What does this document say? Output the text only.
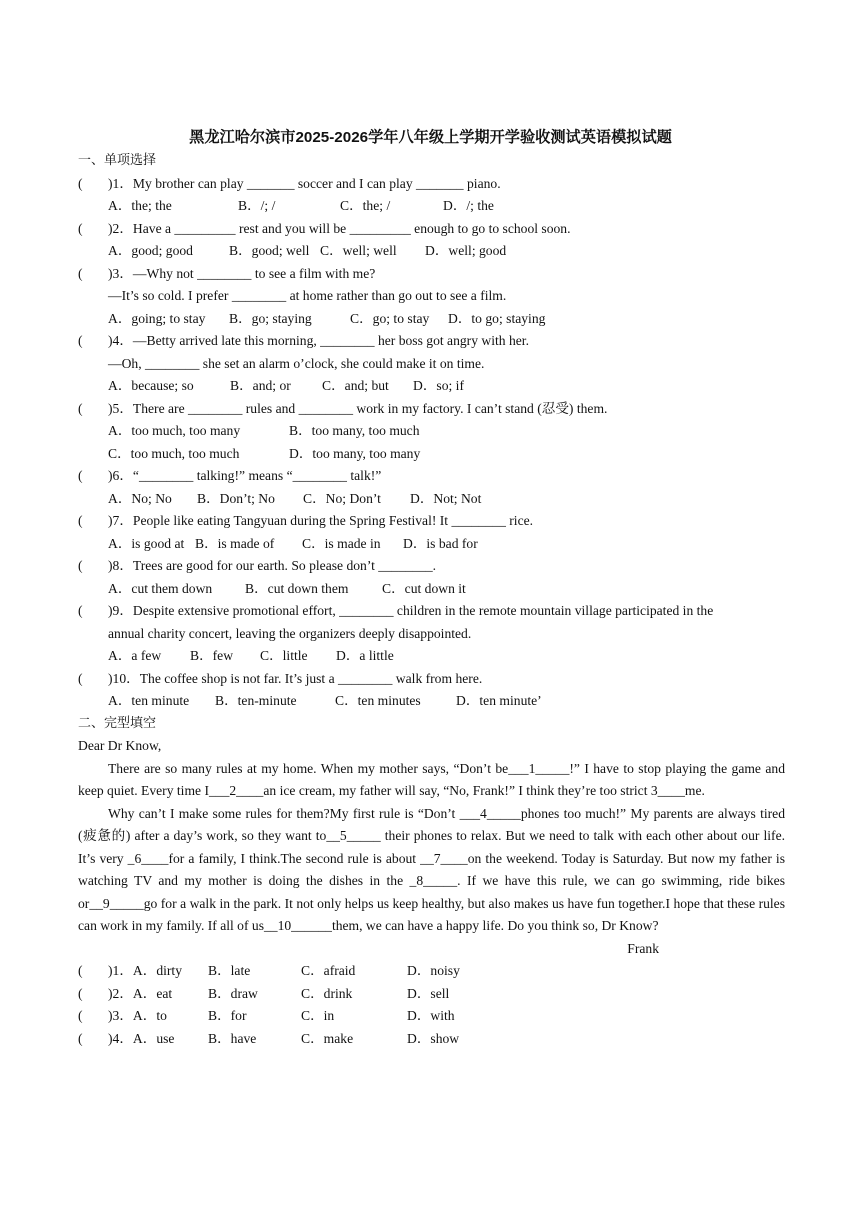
黑龙江哈尔滨市2025-2026学年八年级上学期开学验收测试英语模拟试题
一、单项选择
(	)1．My brother can play _______ soccer and I can play _______ piano.
A．the; the	B．/; /	C．the; /	D．/; the
(	)2．Have a _________ rest and you will be _________ enough to go to school soon.
A．good; good	B．good; well C．well; well	D．well; good
(	)3．—Why not ________ to see a film with me?
—It’s so cold. I prefer ________ at home rather than go out to see a film.
A．going; to stay	B．go; staying	C．go; to stay	D．to go; staying
(	)4．—Betty arrived late this morning, ________ her boss got angry with her.
—Oh, ________ she set an alarm o’clock, she could make it on time.
A．because; so	B．and; or	C．and; but	D．so; if
(	)5．There are ________ rules and ________ work in my factory. I can’t stand (忍受) them.
A．too much, too many	B．too many, too much
C．too much, too much	D．too many, too many
(	)6．“________ talking!” means “________ talk!”
A．No; No	B．Don’t; No	C．No; Don’t	D．Not; Not
(	)7．People like eating Tangyuan during the Spring Festival! It ________ rice.
A．is good at B．is made of	C．is made in	D．is bad for
(	)8．Trees are good for our earth. So please don’t ________.
A．cut them down	B．cut down them	C．cut down it
(	)9．Despite extensive promotional effort, ________ children in the remote mountain village participated in the
annual charity concert, leaving the organizers deeply disappointed.
A．a few	B．few	C．little	D．a little
(	)10．The coffee shop is not far. It’s just a ________ walk from here.
A．ten minute	B．ten-minute	C．ten minutes	D．ten minute’
二、完型填空
Dear Dr Know,
There are so many rules at my home. When my mother says, “Don’t be___1_____!” I have to stop playing the game and keep quiet. Every time I___2____an ice cream, my father will say, “No, Frank!” I think they’re too strict 3____me.
Why can’t I make some rules for them?My first rule is “Don’t ___4_____phones too much!” My parents are always tired (疲惫的) after a day’s work, so they want to__5_____ their phones to relax. But we need to talk with each other about our life. It’s very _6____for a family, I think.The second rule is about __7____on the weekend. Today is Saturday. But now my father is watching TV and my mother is doing the dishes in the _8_____. If we have this rule, we can go swimming, ride bikes or__9_____go for a walk in the park. It not only helps us keep healthy, but also makes us have fun together.I hope that these rules can work in my family. If all of us__10______them, we can have a happy life. Do you think so, Dr Know?
Frank
(	)1．A．dirty	B．late	C．afraid	D．noisy
(	)2．A．eat	B．draw	C．drink	D．sell
(	)3．A．to	B．for	C．in	D．with
(	)4．A．use	B．have	C．make	D．show
